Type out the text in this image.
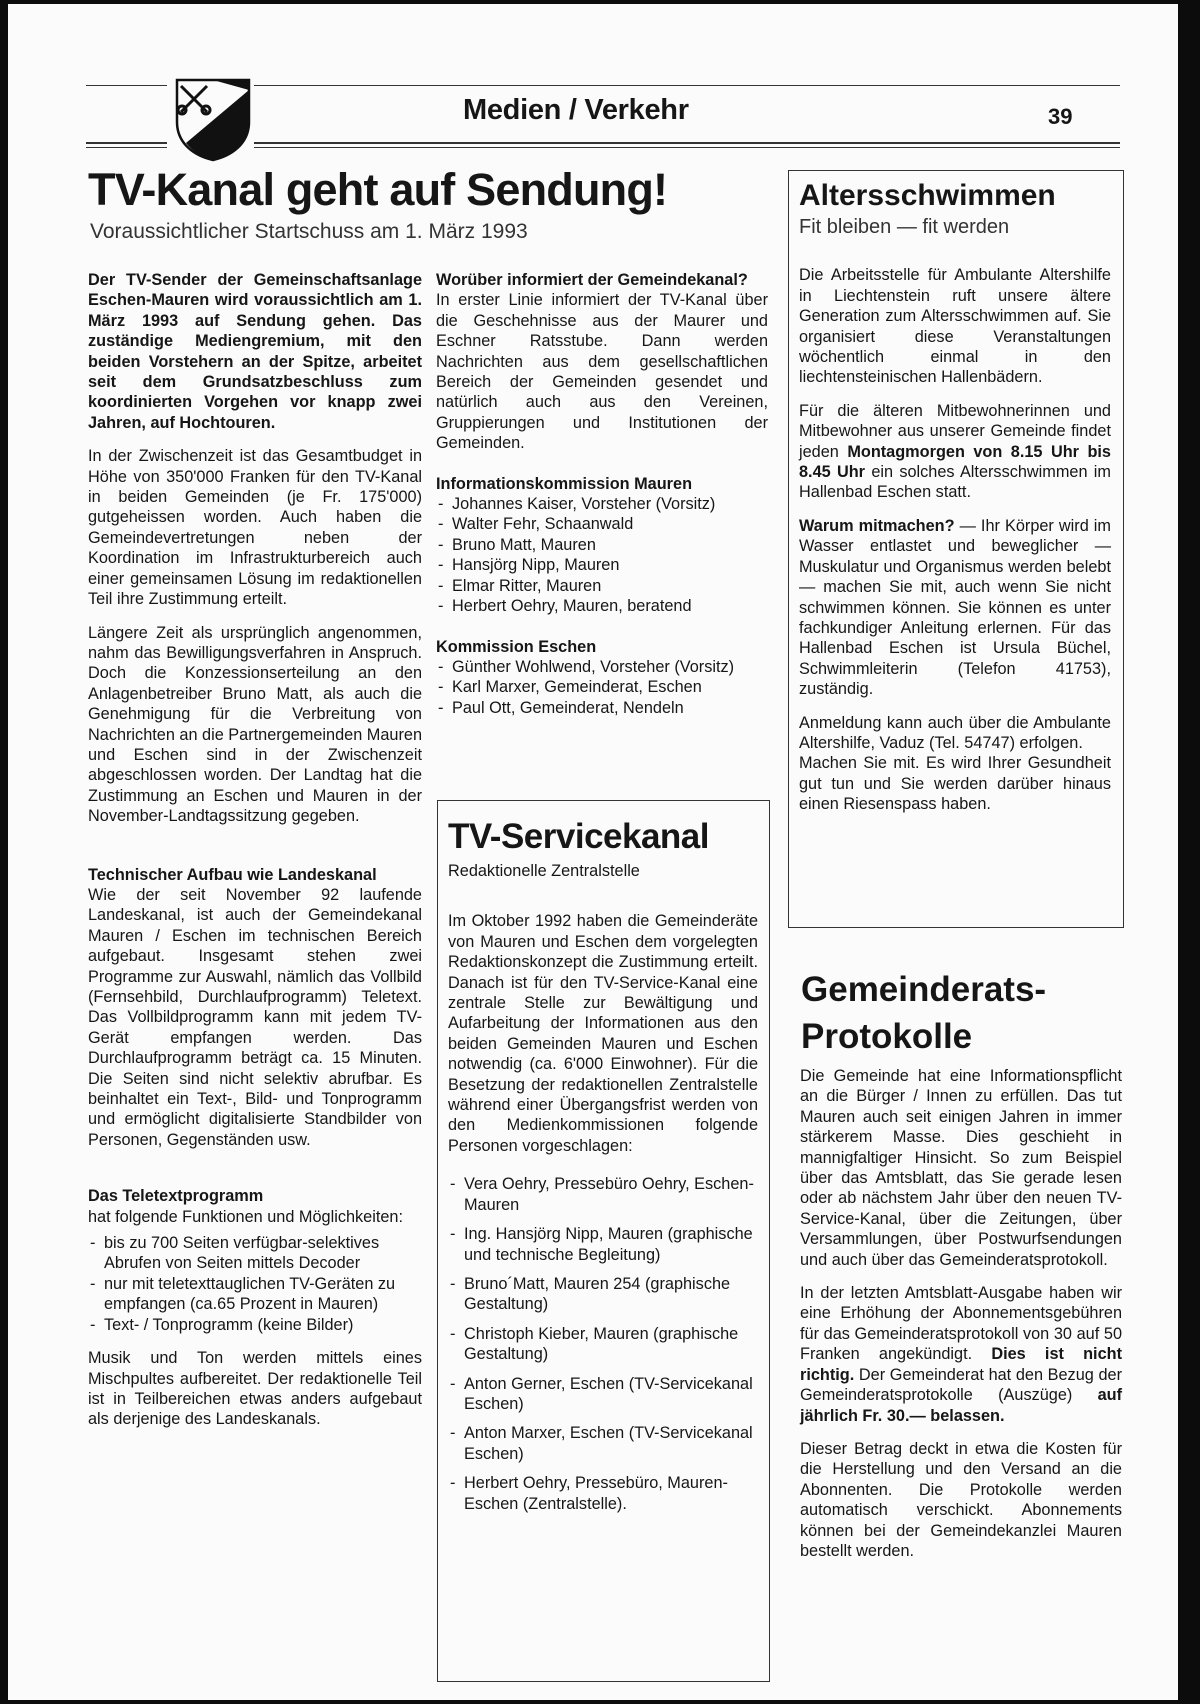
Medien / Verkehr	39
TV-Kanal geht auf Sendung!
Voraussichtlicher Startschuss am 1. März 1993

Der TV-Sender der Gemeinschaftsanlage Eschen-Mauren wird voraussichtlich am 1. März 1993 auf Sendung gehen. Das zuständige Mediengremium, mit den beiden Vorstehern an der Spitze, arbeitet seit dem Grundsatzbeschluss zum koordinierten Vorgehen vor knapp zwei Jahren, auf Hochtouren.

In der Zwischenzeit ist das Gesamtbudget in Höhe von 350'000 Franken für den TV-Kanal in beiden Gemeinden (je Fr. 175'000) gutgeheissen worden. Auch haben die Gemeindevertretungen neben der Koordination im Infrastrukturbereich auch einer gemeinsamen Lösung im redaktionellen Teil ihre Zustimmung erteilt.

Längere Zeit als ursprünglich angenommen, nahm das Bewilligungsverfahren in Anspruch. Doch die Konzessionserteilung an den Anlagenbetreiber Bruno Matt, als auch die Genehmigung für die Verbreitung von Nachrichten an die Partnergemeinden Mauren und Eschen sind in der Zwischenzeit abgeschlossen worden. Der Landtag hat die Zustimmung an Eschen und Mauren in der November-Landtagssitzung gegeben.

Technischer Aufbau wie Landeskanal

Wie der seit November 92 laufende Landeskanal, ist auch der Gemeindekanal Mauren / Eschen im technischen Bereich aufgebaut. Insgesamt stehen zwei Programme zur Auswahl, nämlich das Vollbild (Fernsehbild, Durchlaufprogramm) Teletext. Das Vollbildprogramm kann mit jedem TV-Gerät empfangen werden. Das Durchlaufprogramm beträgt ca. 15 Minuten. Die Seiten sind nicht selektiv abrufbar. Es beinhaltet ein Text-, Bild- und Tonprogramm und ermöglicht digitalisierte Standbilder von Personen, Gegenständen usw.

Das Teletextprogramm

hat folgende Funktionen und Möglichkeiten:

- bis zu 700 Seiten verfügbar-selektives Abrufen von Seiten mittels Decoder
- nur mit teletexttauglichen TV-Geräten zu empfangen (ca.65 Prozent in Mauren)
- Text- / Tonprogramm (keine Bilder)

Musik und Ton werden mittels eines Mischpultes aufbereitet. Der redaktionelle Teil ist in Teilbereichen etwas anders aufgebaut als derjenige des Landeskanals.

Worüber informiert der Gemeindekanal?

In erster Linie informiert der TV-Kanal über die Geschehnisse aus der Maurer und Eschner Ratsstube. Dann werden Nachrichten aus dem gesellschaftlichen Bereich der Gemeinden gesendet und natürlich auch aus den Vereinen, Gruppierungen und Institutionen der Gemeinden.

Informationskommission Mauren
- Johannes Kaiser, Vorsteher (Vorsitz)
- Walter Fehr, Schaanwald
- Bruno Matt, Mauren
- Hansjörg Nipp, Mauren
- Elmar Ritter, Mauren
- Herbert Oehry, Mauren, beratend
Kommission Eschen
- Günther Wohlwend, Vorsteher (Vorsitz)
- Karl Marxer, Gemeinderat, Eschen
- Paul Ott, Gemeinderat, Nendeln
TV-Servicekanal
Redaktionelle Zentralstelle

Im Oktober 1992 haben die Gemeinderäte von Mauren und Eschen dem vorgelegten Redaktionskonzept die Zustimmung erteilt. Danach ist für den TV-Service-Kanal eine zentrale Stelle zur Bewältigung und Aufarbeitung der Informationen aus den beiden Gemeinden Mauren und Eschen notwendig (ca. 6'000 Einwohner). Für die Besetzung der redaktionellen Zentralstelle während einer Übergangsfrist werden von den Medienkommissionen folgende Personen vorgeschlagen:

- Vera Oehry, Pressebüro Oehry, Eschen-Mauren
- Ing. Hansjörg Nipp, Mauren (graphische und technische Begleitung)
- Bruno´Matt, Mauren 254 (graphische Gestaltung)
- Christoph Kieber, Mauren (graphische Gestaltung)
- Anton Gerner, Eschen (TV-Servicekanal Eschen)
- Anton Marxer, Eschen (TV-Servicekanal Eschen)
- Herbert Oehry, Pressebüro, Mauren-Eschen (Zentralstelle).
Altersschwimmen
Fit bleiben — fit werden

Die Arbeitsstelle für Ambulante Altershilfe in Liechtenstein ruft unsere ältere Generation zum Altersschwimmen auf. Sie organisiert diese Veranstaltungen wöchentlich einmal in den liechtensteinischen Hallenbädern.

Für die älteren Mitbewohnerinnen und Mitbewohner aus unserer Gemeinde findet jeden Montagmorgen von 8.15 Uhr bis 8.45 Uhr ein solches Altersschwimmen im Hallenbad Eschen statt.

Warum mitmachen? — Ihr Körper wird im Wasser entlastet und beweglicher — Muskulatur und Organismus werden belebt — machen Sie mit, auch wenn Sie nicht schwimmen können. Sie können es unter fachkundiger Anleitung erlernen. Für das Hallenbad Eschen ist Ursula Büchel, Schwimmleiterin (Telefon 41753), zuständig.

Anmeldung kann auch über die Ambulante Altershilfe, Vaduz (Tel. 54747) erfolgen.

Machen Sie mit. Es wird Ihrer Gesundheit gut tun und Sie werden darüber hinaus einen Riesenspass haben.

Gemeinderats-
Protokolle

Die Gemeinde hat eine Informationspflicht an die Bürger / Innen zu erfüllen. Das tut Mauren auch seit einigen Jahren in immer stärkerem Masse. Dies geschieht in mannigfaltiger Hinsicht. So zum Beispiel über das Amtsblatt, das Sie gerade lesen oder ab nächstem Jahr über den neuen TV-Service-Kanal, über die Zeitungen, über Versammlungen, über Postwurfsendungen und auch über das Gemeinderatsprotokoll.

In der letzten Amtsblatt-Ausgabe haben wir eine Erhöhung der Abonnementsgebühren für das Gemeinderatsprotokoll von 30 auf 50 Franken angekündigt. Dies ist nicht richtig. Der Gemeinderat hat den Bezug der Gemeinderatsprotokolle (Auszüge) auf jährlich Fr. 30.— belassen.

Dieser Betrag deckt in etwa die Kosten für die Herstellung und den Versand an die Abonnenten. Die Protokolle werden automatisch verschickt. Abonnements können bei der Gemeindekanzlei Mauren bestellt werden.
